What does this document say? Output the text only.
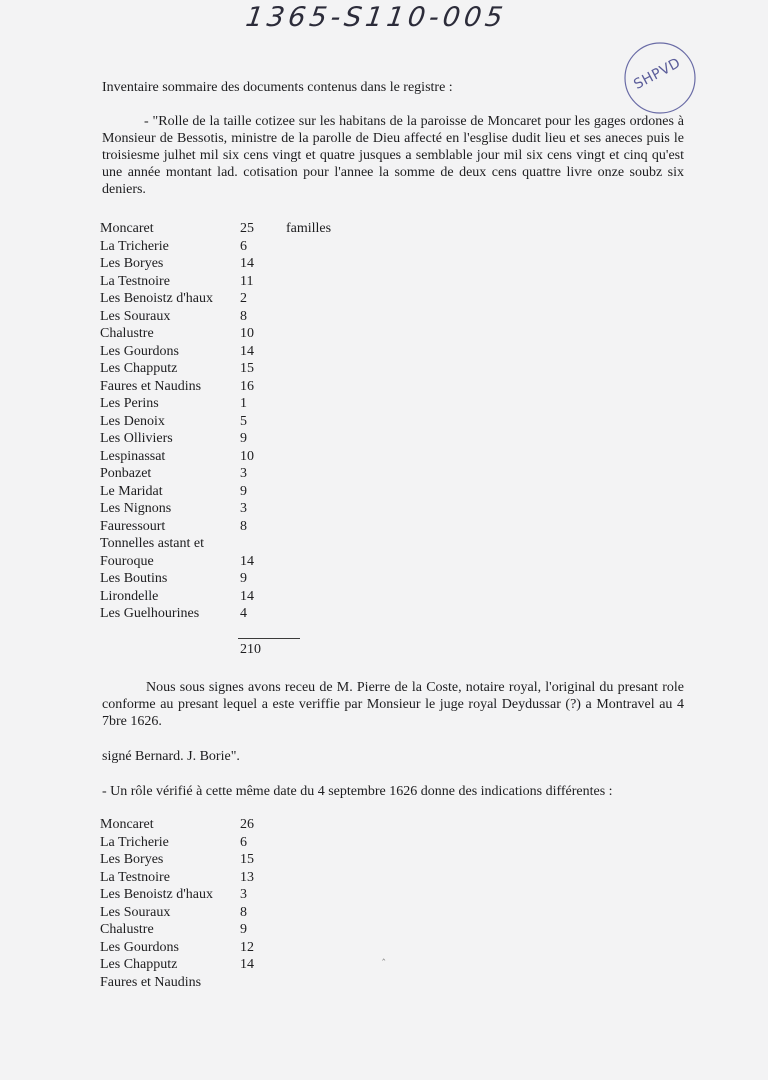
1365-S110-005
SHPVD
Inventaire sommaire des documents contenus dans le registre :
- "Rolle de la taille cotizee sur les habitans de la paroisse de Moncaret pour les gages ordones à Monsieur de Bessotis, ministre de la parolle de Dieu affecté en l'esglise dudit lieu et ses aneces puis le troisiesme julhet mil six cens vingt et quatre jusques a semblable jour mil six cens vingt et cinq qu'est une année montant lad. cotisation pour l'annee la somme de deux cens quattre livre onze soubz six deniers.
Moncaret	25 familles
La Tricherie	6
Les Boryes	14
La Testnoire	11
Les Benoistz d'haux 2
Les Souraux	8
Chalustre	10
Les Gourdons	14
Les Chapputz	15
Faures et Naudins	16
Les Perins	1
Les Denoix	5
Les Olliviers	9
Lespinassat	10
Ponbazet	3
Le Maridat	9
Les Nignons	3
Fauressourt	8
Tonnelles astant et
Fouroque	14
Les Boutins	9
Lirondelle	14
Les Guelhourines	4
210
Nous sous signes avons receu de M. Pierre de la Coste, notaire royal, l'original du presant role conforme au presant lequel a este veriffie par Monsieur le juge royal Deydussar (?) a Montravel au 4 7bre 1626.
signé Bernard. J. Borie".
- Un rôle vérifié à cette même date du 4 septembre 1626 donne des indications différentes :
Moncaret	26
La Tricherie	6
Les Boryes	15
La Testnoire	13
Les Benoistz d'haux 3
Les Souraux	8
Chalustre	9
Les Gourdons	12
Les Chapputz	14
Faures et Naudins
‸
